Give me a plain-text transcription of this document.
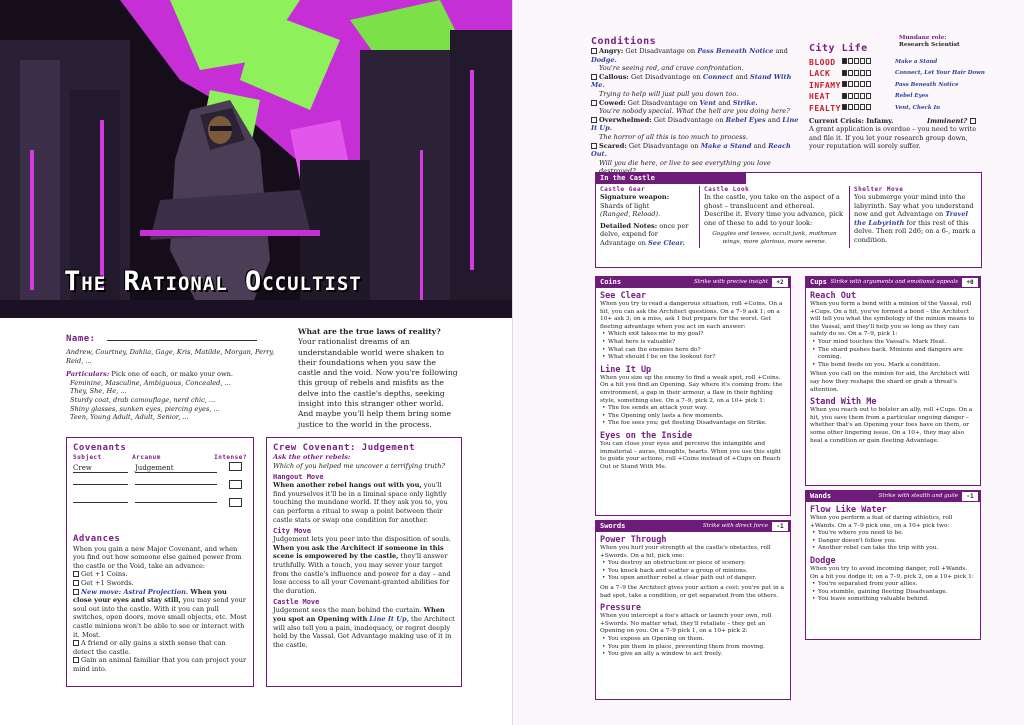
The Rational Occultist
Name:
Andrew, Courtney, Dahlia, Gage, Kris, Matilde, Morgan, Perry, Reid, ...
Particulars: Pick one of each, or make your own.
Feminine, Masculine, Ambiguous, Concealed, ...
They, She, He, ...
Sturdy coat, drab camouflage, nerd chic, ...
Shiny glasses, sunken eyes, piercing eyes, ...
Teen, Young Adult, Adult, Senior, ...
What are the true laws of reality? Your rationalist dreams of an understandable world were shaken to their foundations when you saw the castle and the void. Now you're following this group of rebels and misfits as the delve into the castle's depths, seeking insight into this stranger other world. And maybe you'll help them bring some justice to the world in the process.
Covenants
Subject	Arcanum	Intense?
Crew	Judgement
Advances
When you gain a new Major Covenant, and when you find out how someone else gained power from the castle or the Void, take an advance:
Get +1 Coins.
Get +1 Swords.
New move: Astral Projection. When you close your eyes and stay still, you may send your soul out into the castle. With it you can pull switches, open doors, move small objects, etc. Most castle minions won't be able to see or interact with it. Most.
A friend or ally gains a sixth sense that can detect the castle.
Gain an animal familiar that you can project your mind into.
Crew Covenant: Judgement
Ask the other rebels:
Which of you helped me uncover a terrifying truth?
Hangout Move
When another rebel hangs out with you, you'll find yourselves it'll be in a liminal space only lightly touching the mundane world. If they ask you to, you can perform a ritual to swap a point between their castle stats or swap one condition for another.
City Move
Judgement lets you peer into the disposition of souls. When you ask the Architect if someone in this scene is empowered by the castle, they'll answer truthfully. With a touch, you may sever your target from the castle's influence and power for a day – and lose access to all your Covenant-granted abilities for the duration.
Castle Move
Judgement sees the man behind the curtain. When you spot an Opening with Line It Up, the Architect will also tell you a pain, inadequacy, or regret deeply held by the Vassal. Get Advantage making use of it in the castle.
Conditions
Angry: Get Disadvantage on Pass Beneath Notice and Dodge.
You're seeing red, and crave confrontation.
Callous: Get Disadvantage on Connect and Stand With Me.
Trying to help will just pull you down too.
Cowed: Get Disadvantage on Vent and Strike.
You're nobody special. What the hell are you doing here?
Overwhelmed: Get Disadvantage on Rebel Eyes and Line It Up.
The horror of all this is too much to process.
Scared: Get Disadvantage on Make a Stand and Reach Out.
Will you die here, or live to see everything you love
City Life
Mundane role:
Research Scientist
BLOOD	Make a Stand
LACK	Connect, Let Your Hair Down
INFAMY	Pass Beneath Notice
HEAT	Rebel Eyes
FEALTY	Vent, Check In
Current Crisis: Infamy.	Imminent?
A grant application is overdue – you need to write and file it. If you let your research group down, your reputation will sorely suffer.
In the Castle
Castle Gear
Signature weapon:
Shards of light
(Ranged, Reload).
Detailed Notes: once per delve, expend for Advantage on See Clear.
Castle Look
In the castle, you take on the aspect of a ghost – translucent and ethereal. Describe it. Every time you advance, pick one of these to add to your look:
Goggles and lenses, occult junk, mothman wings, more glorious, more serene.
Shelter Move
You submerge your mind into the labyrinth. Say what you understand now and get Advantage on Travel the Labyrinth for this rest of this delve. Then roll 2d6; on a 6-, mark a condition.
Coins	Strike with precise insight	+2
See Clear
When you try to read a dangerous situation, roll +Coins. On a hit, you can ask the Architect questions. On a 7–9 ask 1; on a 10+ ask 3; on a miss, ask 1 but prepare for the worst. Get fleeting advantage when you act on each answer:
• Which exit takes me to my goal?
• What here is valuable?
• What can the enemies here do?
• What should I be on the lookout for?
Line It Up
When you size up the enemy to find a weak spot, roll +Coins. On a hit you find an Opening. Say where it's coming from: the environment, a gap in their armour, a flaw in their fighting style, something else. On a 7–9, pick 2, on a 10+ pick 1:
• The foe sends an attack your way.
• The Opening only lasts a few moments.
• The foe sees you; get fleeting Disadvantage on Strike.
Eyes on the Inside
You can close your eyes and perceive the intangible and immaterial – auras, thoughts, hearts. When you use this sight to guide your actions, roll +Coins instead of +Cups on Reach Out or Stand With Me.
Swords	Strike with direct force	-1
Power Through
When you hurl your strength at the castle's obstacles, roll +Swords. On a hit, pick one:
• You destroy an obstruction or piece of scenery.
• You knock back and scatter a group of minions.
• You open another rebel a clear path out of danger.
On a 7–9 the Architect gives your action a cost: you're put in a bad spot, take a condition, or get separated from the others.
Pressure
When you intercept a foe's attack or launch your own, roll +Swords. No matter what, they'll retaliate – they get an Opening on you. On a 7–9 pick 1, on a 10+ pick 2:
• You expose an Opening on them.
• You pin them in place, preventing them from moving.
• You give an ally a window to act freely.
Cups Strike with arguments and emotional appeals	+0
Reach Out
When you form a bond with a minion of the Vassal, roll +Cups. On a hit, you've formed a bond – the Architect will tell you what the symbology of the minion means to the Vassal, and they'll help you so long as they can safely do so. On a 7–9, pick 1:
• Your mind touches the Vassal's. Mark Heat.
• The shard pushes back. Minions and dangers are coming.
• The bond feeds on you. Mark a condition.
When you call on the minion for aid, the Architect will say how they reshape the shard or grab a threat's attention.
Stand With Me
When you reach out to bolster an ally, roll +Cups. On a hit, you save them from a particular ongoing danger – whether that's an Opening your foes have on them, or some other lingering issue. On a 10+, they may also heal a condition or gain fleeting Advantage.
Wands	Strike with stealth and guile	-1
Flow Like Water
When you perform a feat of daring athletics, roll +Wands. On a 7–9 pick one, on a 10+ pick two:
• You're where you need to be.
• Danger doesn't follow you.
• Another rebel can take the trip with you.
Dodge
When you try to avoid incoming danger, roll +Wands. On a hit you dodge it; on a 7–9, pick 2, on a 10+ pick 1:
• You're separated from your allies.
• You stumble, gaining fleeting Disadvantage.
• You leave something valuable behind.
